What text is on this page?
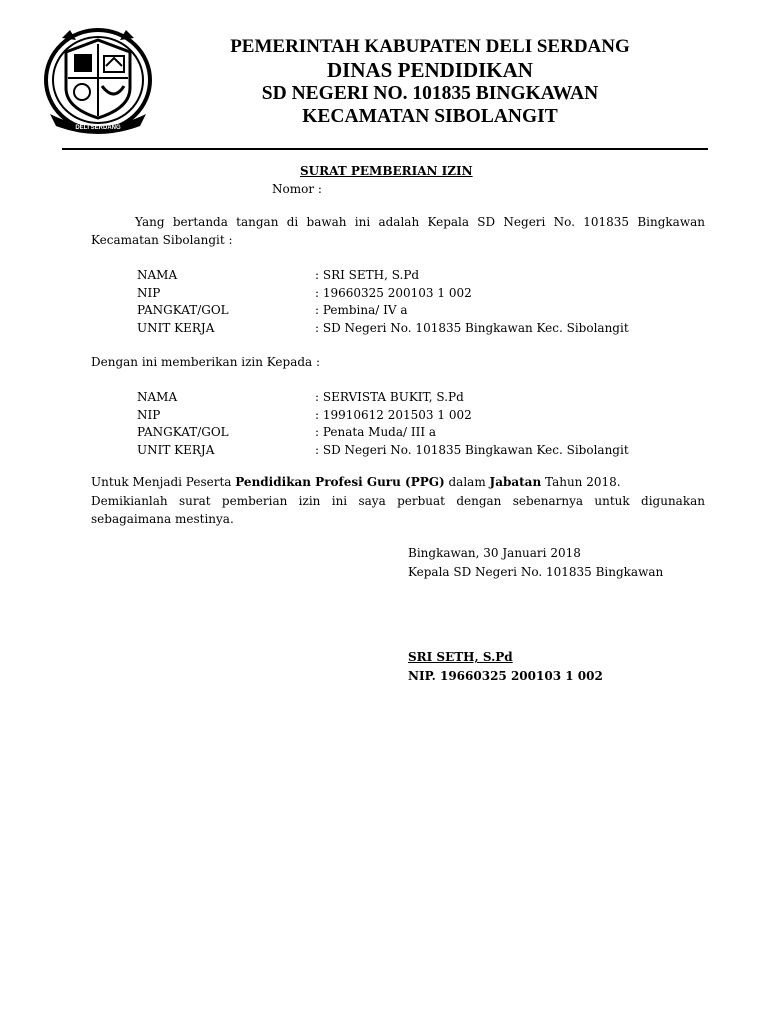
DELI SERDANG
PEMERINTAH KABUPATEN DELI SERDANG
DINAS PENDIDIKAN
SD NEGERI NO. 101835 BINGKAWAN
KECAMATAN SIBOLANGIT
SURAT PEMBERIAN IZIN
Nomor :
Yang bertanda tangan di bawah ini adalah Kepala SD Negeri No. 101835 Bingkawan Kecamatan Sibolangit :
NAMA	: SRI SETH, S.Pd
NIP	: 19660325 200103 1 002
PANGKAT/GOL	: Pembina/ IV a
UNIT KERJA	: SD Negeri No. 101835 Bingkawan Kec. Sibolangit
Dengan ini memberikan izin Kepada :
NAMA	: SERVISTA BUKIT, S.Pd
NIP	: 19910612 201503 1 002
PANGKAT/GOL	: Penata Muda/ III a
UNIT KERJA	: SD Negeri No. 101835 Bingkawan Kec. Sibolangit
Untuk Menjadi Peserta Pendidikan Profesi Guru (PPG) dalam Jabatan Tahun 2018.
Demikianlah surat pemberian izin ini saya perbuat dengan sebenarnya untuk digunakan sebagaimana mestinya.
Bingkawan, 30 Januari 2018
Kepala SD Negeri No. 101835 Bingkawan
SRI SETH, S.Pd
NIP. 19660325 200103 1 002
